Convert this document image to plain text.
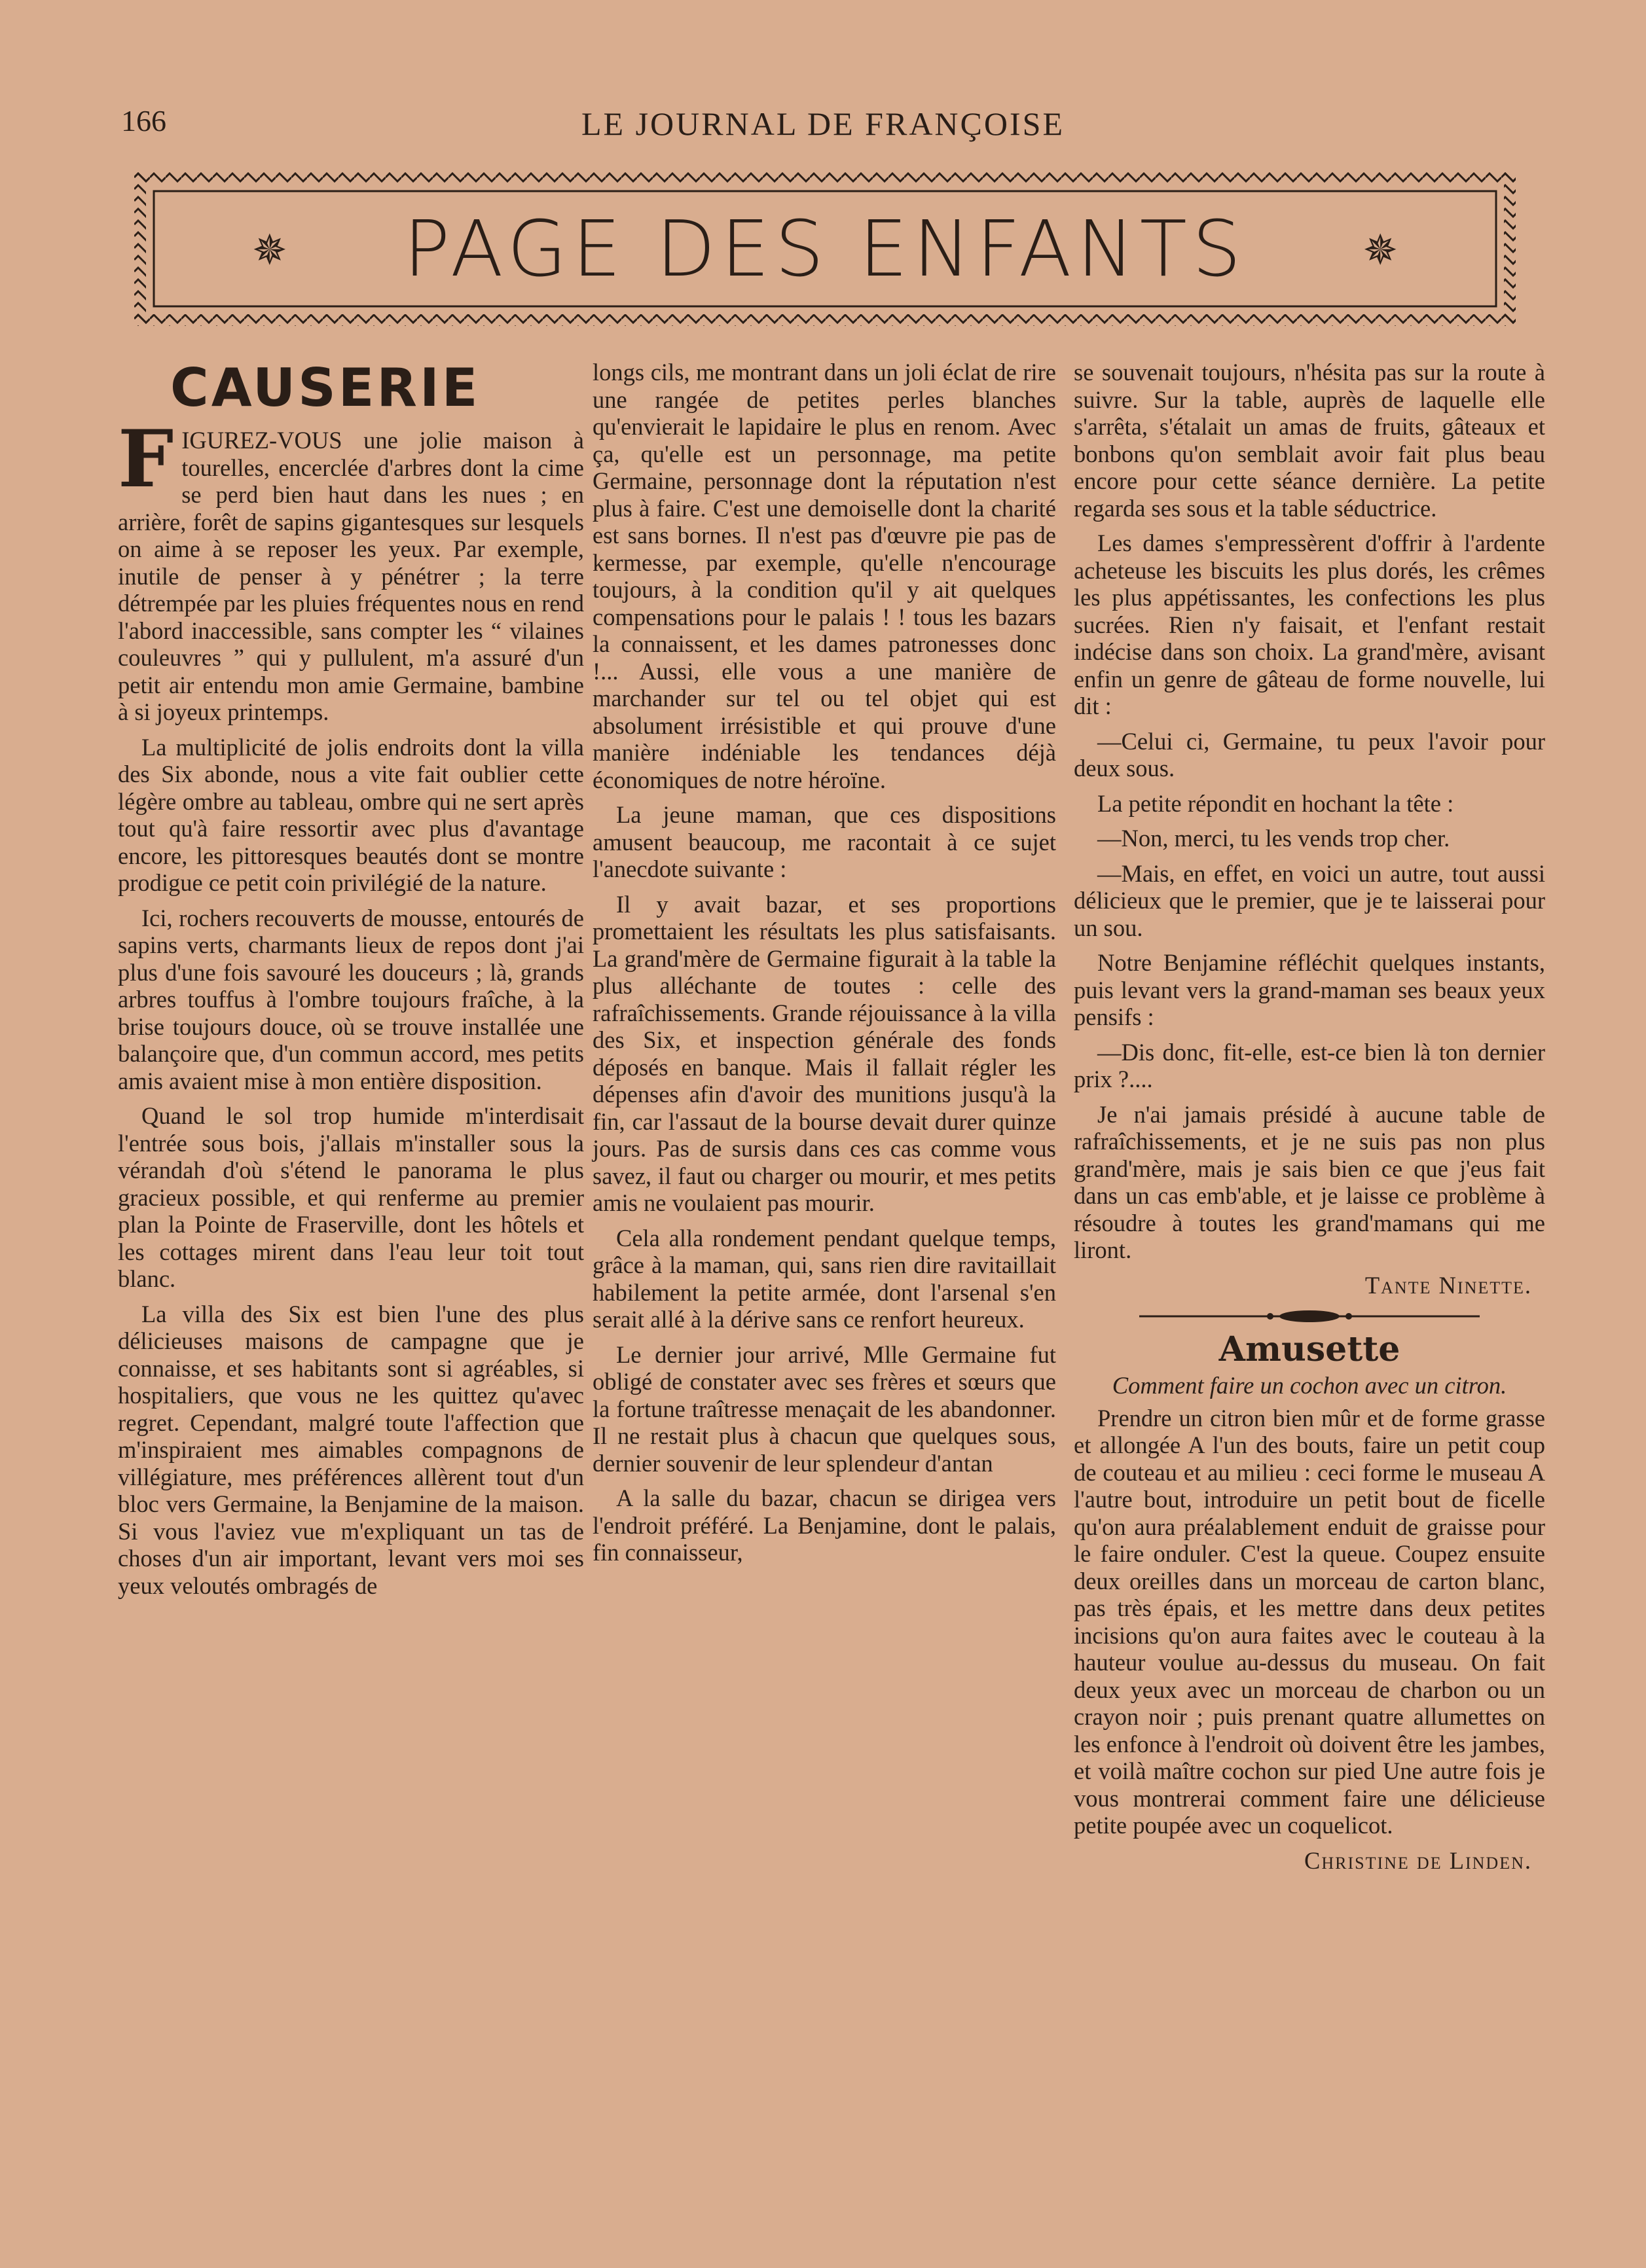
166	LE JOURNAL DE FRANÇOISE
✵	PAGE DES ENFANTS	✵
CAUSERIE

FIGUREZ-VOUS une jolie maison à tourelles, encerclée d'arbres dont la cime se perd bien haut dans les nues ; en arrière, forêt de sapins gigantesques sur lesquels on aime à se reposer les yeux. Par exemple, inutile de penser à y pénétrer ; la terre détrempée par les pluies fréquentes nous en rend l'abord inaccessible, sans compter les “ vilaines couleuvres ” qui y pullulent, m'a assuré d'un petit air entendu mon amie Germaine, bambine à si joyeux printemps.

La multiplicité de jolis endroits dont la villa des Six abonde, nous a vite fait oublier cette légère ombre au tableau, ombre qui ne sert après tout qu'à faire ressortir avec plus d'avantage encore, les pittoresques beautés dont se montre prodigue ce petit coin privilégié de la nature.

Ici, rochers recouverts de mousse, entourés de sapins verts, charmants lieux de repos dont j'ai plus d'une fois savouré les douceurs ; là, grands arbres touffus à l'ombre toujours fraîche, à la brise toujours douce, où se trouve installée une balançoire que, d'un commun accord, mes petits amis avaient mise à mon entière disposition.

Quand le sol trop humide m'interdisait l'entrée sous bois, j'allais m'installer sous la vérandah d'où s'étend le panorama le plus gracieux possible, et qui renferme au premier plan la Pointe de Fraserville, dont les hôtels et les cottages mirent dans l'eau leur toit tout blanc.

La villa des Six est bien l'une des plus délicieuses maisons de campagne que je connaisse, et ses habitants sont si agréables, si hospitaliers, que vous ne les quittez qu'avec regret. Cependant, malgré toute l'affection que m'inspiraient mes aimables compagnons de villégiature, mes préférences allèrent tout d'un bloc vers Germaine, la Benjamine de la maison. Si vous l'aviez vue m'expliquant un tas de choses d'un air important, levant vers moi ses yeux veloutés ombragés de

longs cils, me montrant dans un joli éclat de rire une rangée de petites perles blanches qu'envierait le lapidaire le plus en renom. Avec ça, qu'elle est un personnage, ma petite Germaine, personnage dont la réputation n'est plus à faire. C'est une demoiselle dont la charité est sans bornes. Il n'est pas d'œuvre pie pas de kermesse, par exemple, qu'elle n'encourage toujours, à la condition qu'il y ait quelques compensations pour le palais ! ! tous les bazars la connaissent, et les dames patronesses donc !... Aussi, elle vous a une manière de marchander sur tel ou tel objet qui est absolument irrésistible et qui prouve d'une manière indéniable les tendances déjà économiques de notre héroïne.

La jeune maman, que ces dispositions amusent beaucoup, me racontait à ce sujet l'anecdote suivante :

Il y avait bazar, et ses proportions promettaient les résultats les plus satisfaisants. La grand'mère de Germaine figurait à la table la plus alléchante de toutes : celle des rafraîchissements. Grande réjouissance à la villa des Six, et inspection générale des fonds déposés en banque. Mais il fallait régler les dépenses afin d'avoir des munitions jusqu'à la fin, car l'assaut de la bourse devait durer quinze jours. Pas de sursis dans ces cas comme vous savez, il faut ou charger ou mourir, et mes petits amis ne voulaient pas mourir.

Cela alla rondement pendant quelque temps, grâce à la maman, qui, sans rien dire ravitaillait habilement la petite armée, dont l'arsenal s'en serait allé à la dérive sans ce renfort heureux.

Le dernier jour arrivé, Mlle Germaine fut obligé de constater avec ses frères et sœurs que la fortune traîtresse menaçait de les abandonner. Il ne restait plus à chacun que quelques sous, dernier souvenir de leur splendeur d'antan

A la salle du bazar, chacun se dirigea vers l'endroit préféré. La Benjamine, dont le palais, fin connaisseur,

se souvenait toujours, n'hésita pas sur la route à suivre. Sur la table, auprès de laquelle elle s'arrêta, s'étalait un amas de fruits, gâteaux et bonbons qu'on semblait avoir fait plus beau encore pour cette séance dernière. La petite regarda ses sous et la table séductrice.

Les dames s'empressèrent d'offrir à l'ardente acheteuse les biscuits les plus dorés, les crêmes les plus appétissantes, les confections les plus sucrées. Rien n'y faisait, et l'enfant restait indécise dans son choix. La grand'mère, avisant enfin un genre de gâteau de forme nouvelle, lui dit :

—Celui ci, Germaine, tu peux l'avoir pour deux sous.

La petite répondit en hochant la tête :

—Non, merci, tu les vends trop cher.

—Mais, en effet, en voici un autre, tout aussi délicieux que le premier, que je te laisserai pour un sou.

Notre Benjamine réfléchit quelques instants, puis levant vers la grand-maman ses beaux yeux pensifs :

—Dis donc, fit-elle, est-ce bien là ton dernier prix ?....

Je n'ai jamais présidé à aucune table de rafraîchissements, et je ne suis pas non plus grand'mère, mais je sais bien ce que j'eus fait dans un cas emb'able, et je laisse ce problème à résoudre à toutes les grand'mamans qui me liront.

Tante Ninette.
Amusette
Comment faire un cochon avec un citron.

Prendre un citron bien mûr et de forme grasse et allongée A l'un des bouts, faire un petit coup de couteau et au milieu : ceci forme le museau A l'autre bout, introduire un petit bout de ficelle qu'on aura préalablement enduit de graisse pour le faire onduler. C'est la queue. Coupez ensuite deux oreilles dans un morceau de carton blanc, pas très épais, et les mettre dans deux petites incisions qu'on aura faites avec le couteau à la hauteur voulue au-dessus du museau. On fait deux yeux avec un morceau de charbon ou un crayon noir ; puis prenant quatre allumettes on les enfonce à l'endroit où doivent être les jambes, et voilà maître cochon sur pied Une autre fois je vous montrerai comment faire une délicieuse petite poupée avec un coquelicot.

Christine de Linden.
